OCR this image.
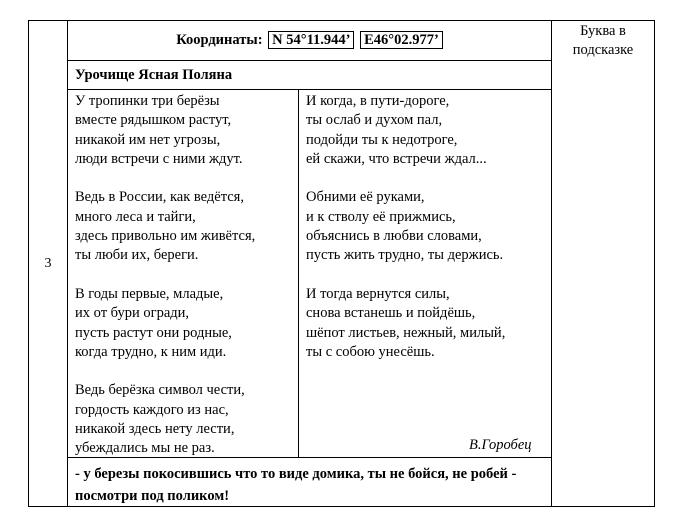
3
Координаты: N 54°11.944’ E46°02.977’
Буква в
подсказке
Урочище Ясная Поляна

У тропинки три берёзы

вместе рядышком растут,

никакой им нет угрозы,

люди встречи с ними ждут.

Ведь в России, как ведётся,

много леса и тайги,

здесь привольно им живётся,

ты люби их, береги.

В годы первые, младые,

их от бури огради,

пусть растут они родные,

когда трудно, к ним иди.

Ведь берёзка символ чести,

гордость каждого из нас,

никакой здесь нету лести,

убеждались мы не раз.

И когда, в пути-дороге,

ты ослаб и духом пал,

подойди ты к недотроге,

ей скажи, что встречи ждал...

Обними её руками,

и к стволу её прижмись,

объяснись в любви словами,

пусть жить трудно, ты держись.

И тогда вернутся силы,

снова встанешь и пойдёшь,

шёпот листьев, нежный, милый,

ты с собою унесёшь.

В.Горобец
- у березы покосившись что то виде домика, ты не бойся, не робей - посмотри под поликом!
